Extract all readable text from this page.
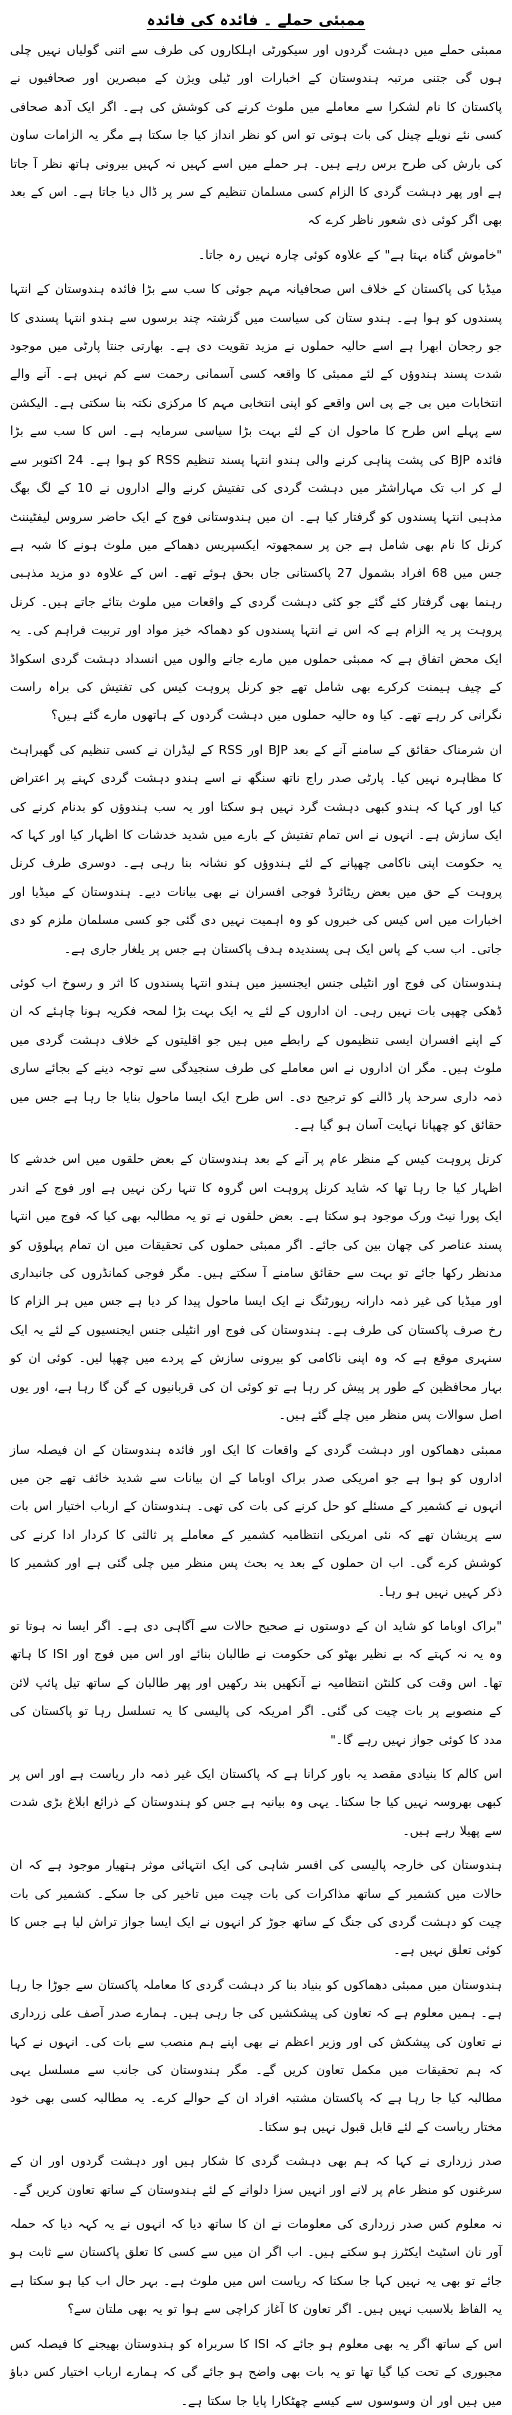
ممبئی حملے ۔ فائدہ کی فائدہ

ممبئی حملے میں دہشت گردوں اور سیکورٹی اہلکاروں کی طرف سے اتنی گولیاں نہیں چلی ہوں گی جتنی مرتبہ ہندوستان کے اخبارات اور ٹیلی ویژن کے مبصرین اور صحافیوں نے پاکستان کا نام لشکرا سے معاملے میں ملوث کرنے کی کوشش کی ہے۔ اگر ایک آدھ صحافی کسی نئے نویلے چینل کی بات ہوتی تو اس کو نظر انداز کیا جا سکتا ہے مگر یہ الزامات ساون کی بارش کی طرح برس رہے ہیں۔ ہر حملے میں اسے کہیں نہ کہیں بیرونی ہاتھ نظر آ جاتا ہے اور پھر دہشت گردی کا الزام کسی مسلمان تنظیم کے سر پر ڈال دیا جاتا ہے۔ اس کے بعد بھی اگر کوئی ذی شعور ناظر کرے کہ

"خاموش گناہ بہتا ہے" کے علاوہ کوئی چارہ نہیں رہ جاتا۔

میڈیا کی پاکستان کے خلاف اس صحافیانہ مہم جوئی کا سب سے بڑا فائدہ ہندوستان کے انتہا پسندوں کو ہوا ہے۔ ہندو ستان کی سیاست میں گزشتہ چند برسوں سے ہندو انتہا پسندی کا جو رجحان ابھرا ہے اسے حالیہ حملوں نے مزید تقویت دی ہے۔ بھارتی جنتا پارٹی میں موجود شدت پسند ہندوؤں کے لئے ممبئی کا واقعہ کسی آسمانی رحمت سے کم نہیں ہے۔ آنے والے انتخابات میں بی جے پی اس واقعے کو اپنی انتخابی مہم کا مرکزی نکتہ بنا سکتی ہے۔ الیکشن سے پہلے اس طرح کا ماحول ان کے لئے بہت بڑا سیاسی سرمایہ ہے۔ اس کا سب سے بڑا فائدہ BJP کی پشت پناہی کرنے والی ہندو انتہا پسند تنظیم RSS کو ہوا ہے۔ 24 اکتوبر سے لے کر اب تک مہاراشٹر میں دہشت گردی کی تفتیش کرنے والے اداروں نے 10 کے لگ بھگ مذہبی انتہا پسندوں کو گرفتار کیا ہے۔ ان میں ہندوستانی فوج کے ایک حاضر سروس لیفٹیننٹ کرنل کا نام بھی شامل ہے جن پر سمجھوتہ ایکسپریس دھماکے میں ملوث ہونے کا شبہ ہے جس میں 68 افراد بشمول 27 پاکستانی جاں بحق ہوئے تھے۔ اس کے علاوہ دو مزید مذہبی رہنما بھی گرفتار کئے گئے جو کئی دہشت گردی کے واقعات میں ملوث بتائے جاتے ہیں۔ کرنل پروہت پر یہ الزام ہے کہ اس نے انتہا پسندوں کو دھماکہ خیز مواد اور تربیت فراہم کی۔ یہ ایک محض اتفاق ہے کہ ممبئی حملوں میں مارے جانے والوں میں انسداد دہشت گردی اسکواڈ کے چیف ہیمنت کرکرے بھی شامل تھے جو کرنل پروہت کیس کی تفتیش کی براہ راست نگرانی کر رہے تھے۔ کیا وہ حالیہ حملوں میں دہشت گردوں کے ہاتھوں مارے گئے ہیں؟

ان شرمناک حقائق کے سامنے آنے کے بعد BJP اور RSS کے لیڈران نے کسی تنظیم کی گھبراہٹ کا مظاہرہ نہیں کیا۔ پارٹی صدر راج ناتھ سنگھ نے اسے ہندو دہشت گردی کہنے پر اعتراض کیا اور کہا کہ ہندو کبھی دہشت گرد نہیں ہو سکتا اور یہ سب ہندوؤں کو بدنام کرنے کی ایک سازش ہے۔ انہوں نے اس تمام تفتیش کے بارے میں شدید خدشات کا اظہار کیا اور کہا کہ یہ حکومت اپنی ناکامی چھپانے کے لئے ہندوؤں کو نشانہ بنا رہی ہے۔ دوسری طرف کرنل پروہت کے حق میں بعض ریٹائرڈ فوجی افسران نے بھی بیانات دیے۔ ہندوستان کے میڈیا اور اخبارات میں اس کیس کی خبروں کو وہ اہمیت نہیں دی گئی جو کسی مسلمان ملزم کو دی جاتی۔ اب سب کے پاس ایک ہی پسندیدہ ہدف پاکستان ہے جس پر یلغار جاری ہے۔

ہندوستان کی فوج اور انٹیلی جنس ایجنسیز میں ہندو انتہا پسندوں کا اثر و رسوخ اب کوئی ڈھکی چھپی بات نہیں رہی۔ ان اداروں کے لئے یہ ایک بہت بڑا لمحہ فکریہ ہونا چاہئے کہ ان کے اپنے افسران ایسی تنظیموں کے رابطے میں ہیں جو اقلیتوں کے خلاف دہشت گردی میں ملوث ہیں۔ مگر ان اداروں نے اس معاملے کی طرف سنجیدگی سے توجہ دینے کے بجائے ساری ذمہ داری سرحد پار ڈالنے کو ترجیح دی۔ اس طرح ایک ایسا ماحول بنایا جا رہا ہے جس میں حقائق کو چھپانا نہایت آسان ہو گیا ہے۔

کرنل پروہت کیس کے منظر عام پر آنے کے بعد ہندوستان کے بعض حلقوں میں اس خدشے کا اظہار کیا جا رہا تھا کہ شاید کرنل پروہت اس گروہ کا تنہا رکن نہیں ہے اور فوج کے اندر ایک پورا نیٹ ورک موجود ہو سکتا ہے۔ بعض حلقوں نے تو یہ مطالبہ بھی کیا کہ فوج میں انتہا پسند عناصر کی چھان بین کی جائے۔ اگر ممبئی حملوں کی تحقیقات میں ان تمام پہلوؤں کو مدنظر رکھا جائے تو بہت سے حقائق سامنے آ سکتے ہیں۔ مگر فوجی کمانڈروں کی جانبداری اور میڈیا کی غیر ذمہ دارانہ رپورٹنگ نے ایک ایسا ماحول پیدا کر دیا ہے جس میں ہر الزام کا رخ صرف پاکستان کی طرف ہے۔ ہندوستان کی فوج اور انٹیلی جنس ایجنسیوں کے لئے یہ ایک سنہری موقع ہے کہ وہ اپنی ناکامی کو بیرونی سازش کے پردے میں چھپا لیں۔ کوئی ان کو بہار محافظین کے طور پر پیش کر رہا ہے تو کوئی ان کی قربانیوں کے گن گا رہا ہے، اور یوں اصل سوالات پس منظر میں چلے گئے ہیں۔

ممبئی دھماکوں اور دہشت گردی کے واقعات کا ایک اور فائدہ ہندوستان کے ان فیصلہ ساز اداروں کو ہوا ہے جو امریکی صدر براک اوباما کے ان بیانات سے شدید خائف تھے جن میں انہوں نے کشمیر کے مسئلے کو حل کرنے کی بات کی تھی۔ ہندوستان کے ارباب اختیار اس بات سے پریشان تھے کہ نئی امریکی انتظامیہ کشمیر کے معاملے پر ثالثی کا کردار ادا کرنے کی کوشش کرے گی۔ اب ان حملوں کے بعد یہ بحث پس منظر میں چلی گئی ہے اور کشمیر کا ذکر کہیں نہیں ہو رہا۔

"براک اوباما کو شاید ان کے دوستوں نے صحیح حالات سے آگاہی دی ہے۔ اگر ایسا نہ ہوتا تو وہ یہ نہ کہتے کہ بے نظیر بھٹو کی حکومت نے طالبان بنائے اور اس میں فوج اور ISI کا ہاتھ تھا۔ اس وقت کی کلنٹن انتظامیہ نے آنکھیں بند رکھیں اور پھر طالبان کے ساتھ تیل پائپ لائن کے منصوبے پر بات چیت کی گئی۔ اگر امریکہ کی پالیسی کا یہ تسلسل رہا تو پاکستان کی مدد کا کوئی جواز نہیں رہے گا۔"

اس کالم کا بنیادی مقصد یہ باور کرانا ہے کہ پاکستان ایک غیر ذمہ دار ریاست ہے اور اس پر کبھی بھروسہ نہیں کیا جا سکتا۔ یہی وہ بیانیہ ہے جس کو ہندوستان کے ذرائع ابلاغ بڑی شدت سے پھیلا رہے ہیں۔

ہندوستان کی خارجہ پالیسی کی افسر شاہی کی ایک انتہائی موثر ہتھیار موجود ہے کہ ان حالات میں کشمیر کے ساتھ مذاکرات کی بات چیت میں تاخیر کی جا سکے۔ کشمیر کی بات چیت کو دہشت گردی کی جنگ کے ساتھ جوڑ کر انہوں نے ایک ایسا جواز تراش لیا ہے جس کا کوئی تعلق نہیں ہے۔

ہندوستان میں ممبئی دھماکوں کو بنیاد بنا کر دہشت گردی کا معاملہ پاکستان سے جوڑا جا رہا ہے۔ ہمیں معلوم ہے کہ تعاون کی پیشکشیں کی جا رہی ہیں۔ ہمارے صدر آصف علی زرداری نے تعاون کی پیشکش کی اور وزیر اعظم نے بھی اپنے ہم منصب سے بات کی۔ انہوں نے کہا کہ ہم تحقیقات میں مکمل تعاون کریں گے۔ مگر ہندوستان کی جانب سے مسلسل یہی مطالبہ کیا جا رہا ہے کہ پاکستان مشتبہ افراد ان کے حوالے کرے۔ یہ مطالبہ کسی بھی خود مختار ریاست کے لئے قابل قبول نہیں ہو سکتا۔

صدر زرداری نے کہا کہ ہم بھی دہشت گردی کا شکار ہیں اور دہشت گردوں اور ان کے سرغنوں کو منظر عام پر لانے اور انہیں سزا دلوانے کے لئے ہندوستان کے ساتھ تعاون کریں گے۔

نہ معلوم کس صدر زرداری کی معلومات نے ان کا ساتھ دیا کہ انہوں نے یہ کہہ دیا کہ حملہ آور نان اسٹیٹ ایکٹرز ہو سکتے ہیں۔ اب اگر ان میں سے کسی کا تعلق پاکستان سے ثابت ہو جائے تو بھی یہ نہیں کہا جا سکتا کہ ریاست اس میں ملوث ہے۔ بہر حال اب کیا ہو سکتا ہے یہ الفاظ بلاسبب نہیں ہیں۔ اگر تعاون کا آغاز کراچی سے ہوا تو یہ بھی ملتان سے؟

اس کے ساتھ اگر یہ بھی معلوم ہو جائے کہ ISI کا سربراہ کو ہندوستان بھیجنے کا فیصلہ کس مجبوری کے تحت کیا گیا تھا تو یہ بات بھی واضح ہو جائے گی کہ ہمارے ارباب اختیار کس دباؤ میں ہیں اور ان وسوسوں سے کیسے چھٹکارا پایا جا سکتا ہے۔
